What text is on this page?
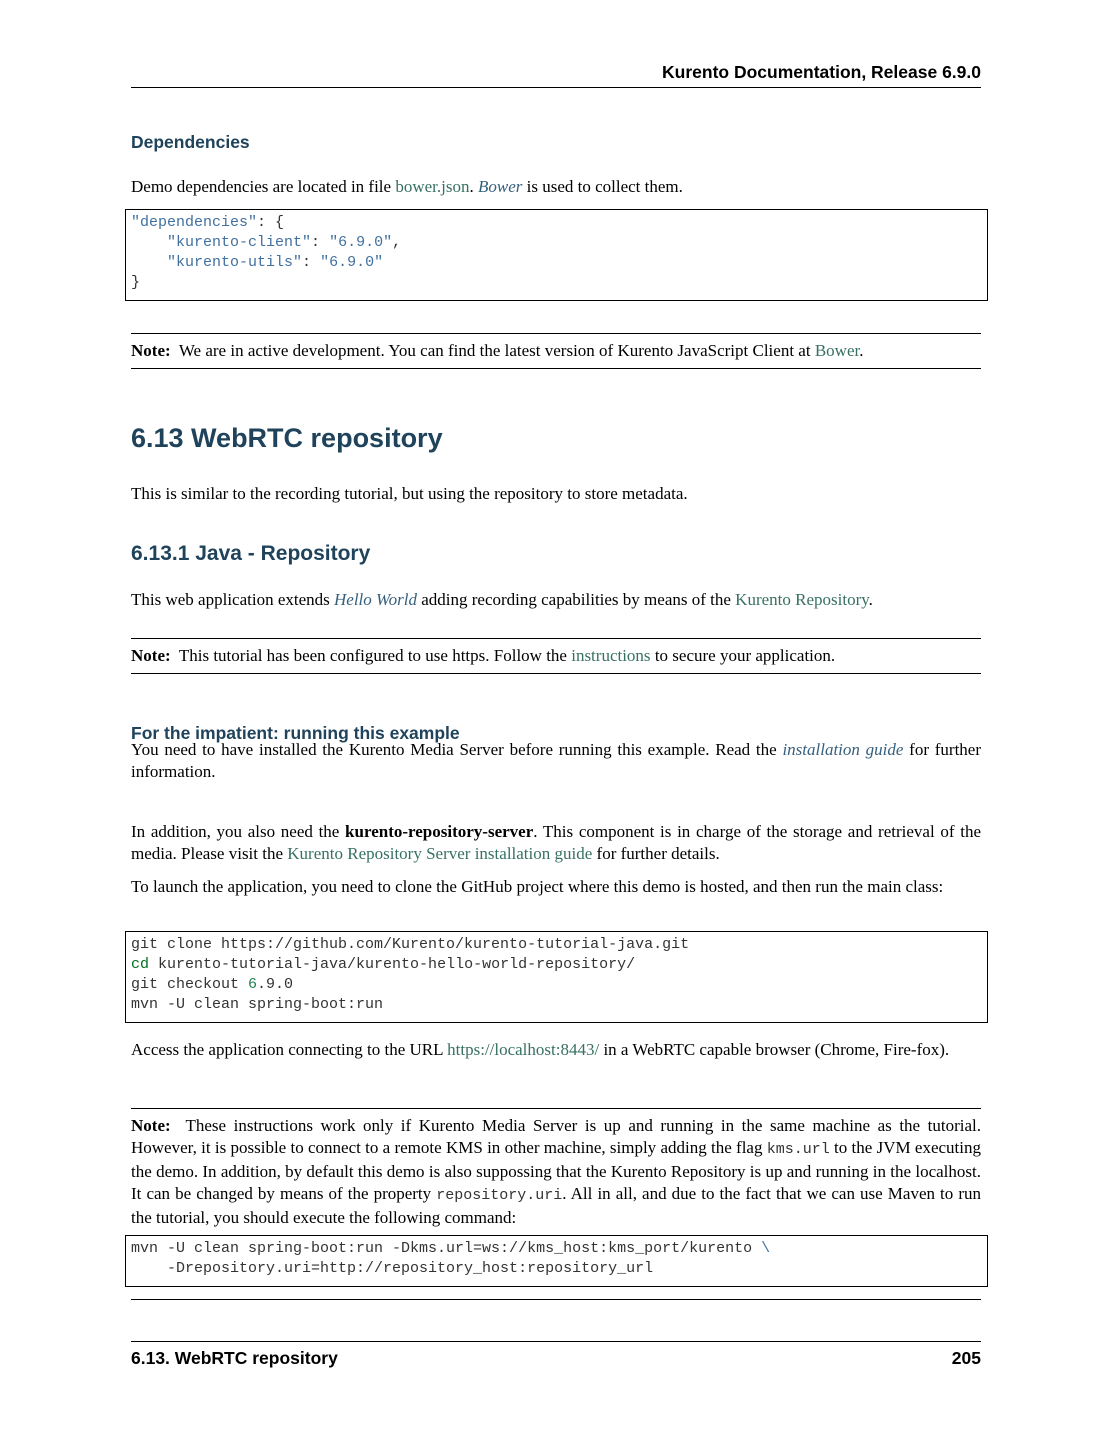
Kurento Documentation, Release 6.9.0
Dependencies

Demo dependencies are located in file bower.json. Bower is used to collect them.

"dependencies": {
"kurento-client": "6.9.0",
"kurento-utils": "6.9.0"
}
Note: We are in active development. You can find the latest version of Kurento JavaScript Client at Bower.
6.13 WebRTC repository

This is similar to the recording tutorial, but using the repository to store metadata.

6.13.1 Java - Repository

This web application extends Hello World adding recording capabilities by means of the Kurento Repository.

Note: This tutorial has been configured to use https. Follow the instructions to secure your application.
For the impatient: running this example

You need to have installed the Kurento Media Server before running this example. Read the installation guide for further information.

In addition, you also need the kurento-repository-server. This component is in charge of the storage and retrieval of the media. Please visit the Kurento Repository Server installation guide for further details.

To launch the application, you need to clone the GitHub project where this demo is hosted, and then run the main class:

git clone https://github.com/Kurento/kurento-tutorial-java.git
cd kurento-tutorial-java/kurento-hello-world-repository/
git checkout 6.9.0
mvn -U clean spring-boot:run

Access the application connecting to the URL https://localhost:8443/ in a WebRTC capable browser (Chrome, Fire-fox).

Note: These instructions work only if Kurento Media Server is up and running in the same machine as the tutorial. However, it is possible to connect to a remote KMS in other machine, simply adding the flag kms.url to the JVM executing the demo. In addition, by default this demo is also suppossing that the Kurento Repository is up and running in the localhost. It can be changed by means of the property repository.uri. All in all, and due to the fact that we can use Maven to run the tutorial, you should execute the following command:
mvn -U clean spring-boot:run -Dkms.url=ws://kms_host:kms_port/kurento \
-Drepository.uri=http://repository_host:repository_url
6.13. WebRTC repository	205
